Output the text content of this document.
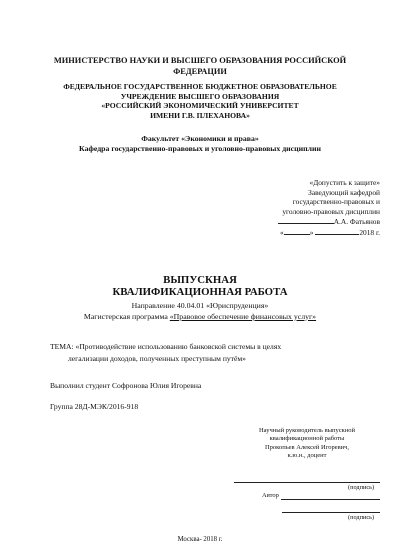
МИНИСТЕРСТВО НАУКИ И ВЫСШЕГО ОБРАЗОВАНИЯ РОССИЙСКОЙ
ФЕДЕРАЦИИ
ФЕДЕРАЛЬНОЕ ГОСУДАРСТВЕННОЕ БЮДЖЕТНОЕ ОБРАЗОВАТЕЛЬНОЕ
УЧРЕЖДЕНИЕ ВЫСШЕГО ОБРАЗОВАНИЯ
«РОССИЙСКИЙ ЭКОНОМИЧЕСКИЙ УНИВЕРСИТЕТ
ИМЕНИ Г.В. ПЛЕХАНОВА»
Факультет «Экономики и права»
Кафедра государственно-правовых и уголовно-правовых дисциплин
«Допустить к защите»
Заведующий кафедрой
государственно-правовых и
уголовно-правовых дисциплин
А.А. Фатьянов
«	»	2018 г.
ВЫПУСКНАЯ
КВАЛИФИКАЦИОННАЯ РАБОТА
Направление 40.04.01 «Юриспруденция»
Магистерская программа «Правовое обеспечение финансовых услуг»
ТЕМА: «Противодействие использованию банковской системы в целях
легализации доходов, полученных преступным путём»
Выполнил студент Софронова Юлия Игоревна
Группа 28Д-МЭК/2016-918
Научный руководитель выпускной
квалификационной работы
Прокопьев Алексей Игоревич,
к.ю.н., доцент
(подпись)
Автор
(подпись)
Москва- 2018 г.
